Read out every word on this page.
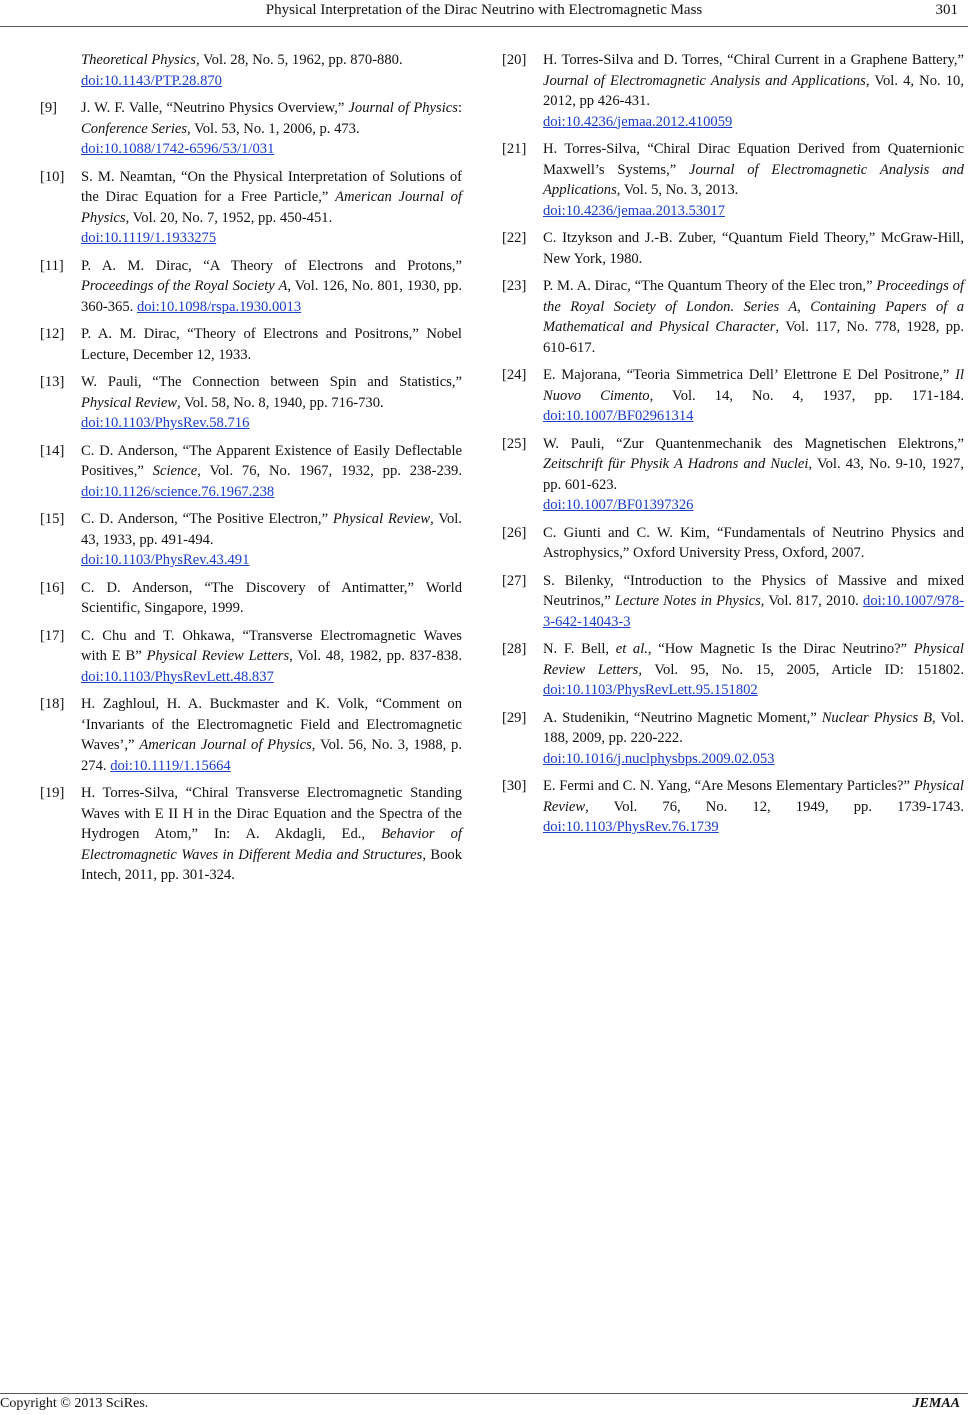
Physical Interpretation of the Dirac Neutrino with Electromagnetic Mass	301
Theoretical Physics, Vol. 28, No. 5, 1962, pp. 870-880.
doi:10.1143/PTP.28.870
[9] J. W. F. Valle, “Neutrino Physics Overview,” Journal of Physics: Conference Series, Vol. 53, No. 1, 2006, p. 473.
doi:10.1088/1742-6596/53/1/031
[10] S. M. Neamtan, “On the Physical Interpretation of Solutions of the Dirac Equation for a Free Particle,” American Journal of Physics, Vol. 20, No. 7, 1952, pp. 450-451.
doi:10.1119/1.1933275
[11] P. A. M. Dirac, “A Theory of Electrons and Protons,” Proceedings of the Royal Society A, Vol. 126, No. 801, 1930, pp. 360-365. doi:10.1098/rspa.1930.0013
[12] P. A. M. Dirac, “Theory of Electrons and Positrons,” Nobel Lecture, December 12, 1933.
[13] W. Pauli, “The Connection between Spin and Statistics,” Physical Review, Vol. 58, No. 8, 1940, pp. 716-730.
doi:10.1103/PhysRev.58.716
[14] C. D. Anderson, “The Apparent Existence of Easily Deflectable Positives,” Science, Vol. 76, No. 1967, 1932, pp. 238-239. doi:10.1126/science.76.1967.238
[15] C. D. Anderson, “The Positive Electron,” Physical Review, Vol. 43, 1933, pp. 491-494.
doi:10.1103/PhysRev.43.491
[16] C. D. Anderson, “The Discovery of Antimatter,” World Scientific, Singapore, 1999.
[17] C. Chu and T. Ohkawa, “Transverse Electromagnetic Waves with E B” Physical Review Letters, Vol. 48, 1982, pp. 837-838. doi:10.1103/PhysRevLett.48.837
[18] H. Zaghloul, H. A. Buckmaster and K. Volk, “Comment on ‘Invariants of the Electromagnetic Field and Electromagnetic Waves’,” American Journal of Physics, Vol. 56, No. 3, 1988, p. 274. doi:10.1119/1.15664
[19] H. Torres-Silva, “Chiral Transverse Electromagnetic Standing Waves with E II H in the Dirac Equation and the Spectra of the Hydrogen Atom,” In: A. Akdagli, Ed., Behavior of Electromagnetic Waves in Different Media and Structures, Book Intech, 2011, pp. 301-324.
[20] H. Torres-Silva and D. Torres, “Chiral Current in a Graphene Battery,” Journal of Electromagnetic Analysis and Applications, Vol. 4, No. 10, 2012, pp 426-431.
doi:10.4236/jemaa.2012.410059
[21] H. Torres-Silva, “Chiral Dirac Equation Derived from Quaternionic Maxwell’s Systems,” Journal of Electromagnetic Analysis and Applications, Vol. 5, No. 3, 2013.
doi:10.4236/jemaa.2013.53017
[22] C. Itzykson and J.-B. Zuber, “Quantum Field Theory,” McGraw-Hill, New York, 1980.
[23] P. M. A. Dirac, “The Quantum Theory of the Elec tron,” Proceedings of the Royal Society of London. Series A, Containing Papers of a Mathematical and Physical Character, Vol. 117, No. 778, 1928, pp. 610-617.
[24] E. Majorana, “Teoria Simmetrica Dell’ Elettrone E Del Positrone,” Il Nuovo Cimento, Vol. 14, No. 4, 1937, pp. 171-184. doi:10.1007/BF02961314
[25] W. Pauli, “Zur Quantenmechanik des Magnetischen Elektrons,” Zeitschrift für Physik A Hadrons and Nuclei, Vol. 43, No. 9-10, 1927, pp. 601-623.
doi:10.1007/BF01397326
[26] C. Giunti and C. W. Kim, “Fundamentals of Neutrino Physics and Astrophysics,” Oxford University Press, Oxford, 2007.
[27] S. Bilenky, “Introduction to the Physics of Massive and mixed Neutrinos,” Lecture Notes in Physics, Vol. 817, 2010. doi:10.1007/978-3-642-14043-3
[28] N. F. Bell, et al., “How Magnetic Is the Dirac Neutrino?” Physical Review Letters, Vol. 95, No. 15, 2005, Article ID: 151802. doi:10.1103/PhysRevLett.95.151802
[29] A. Studenikin, “Neutrino Magnetic Moment,” Nuclear Physics B, Vol. 188, 2009, pp. 220-222.
doi:10.1016/j.nuclphysbps.2009.02.053
[30] E. Fermi and C. N. Yang, “Are Mesons Elementary Particles?” Physical Review, Vol. 76, No. 12, 1949, pp. 1739-1743. doi:10.1103/PhysRev.76.1739
Copyright © 2013 SciRes.	JEMAA
